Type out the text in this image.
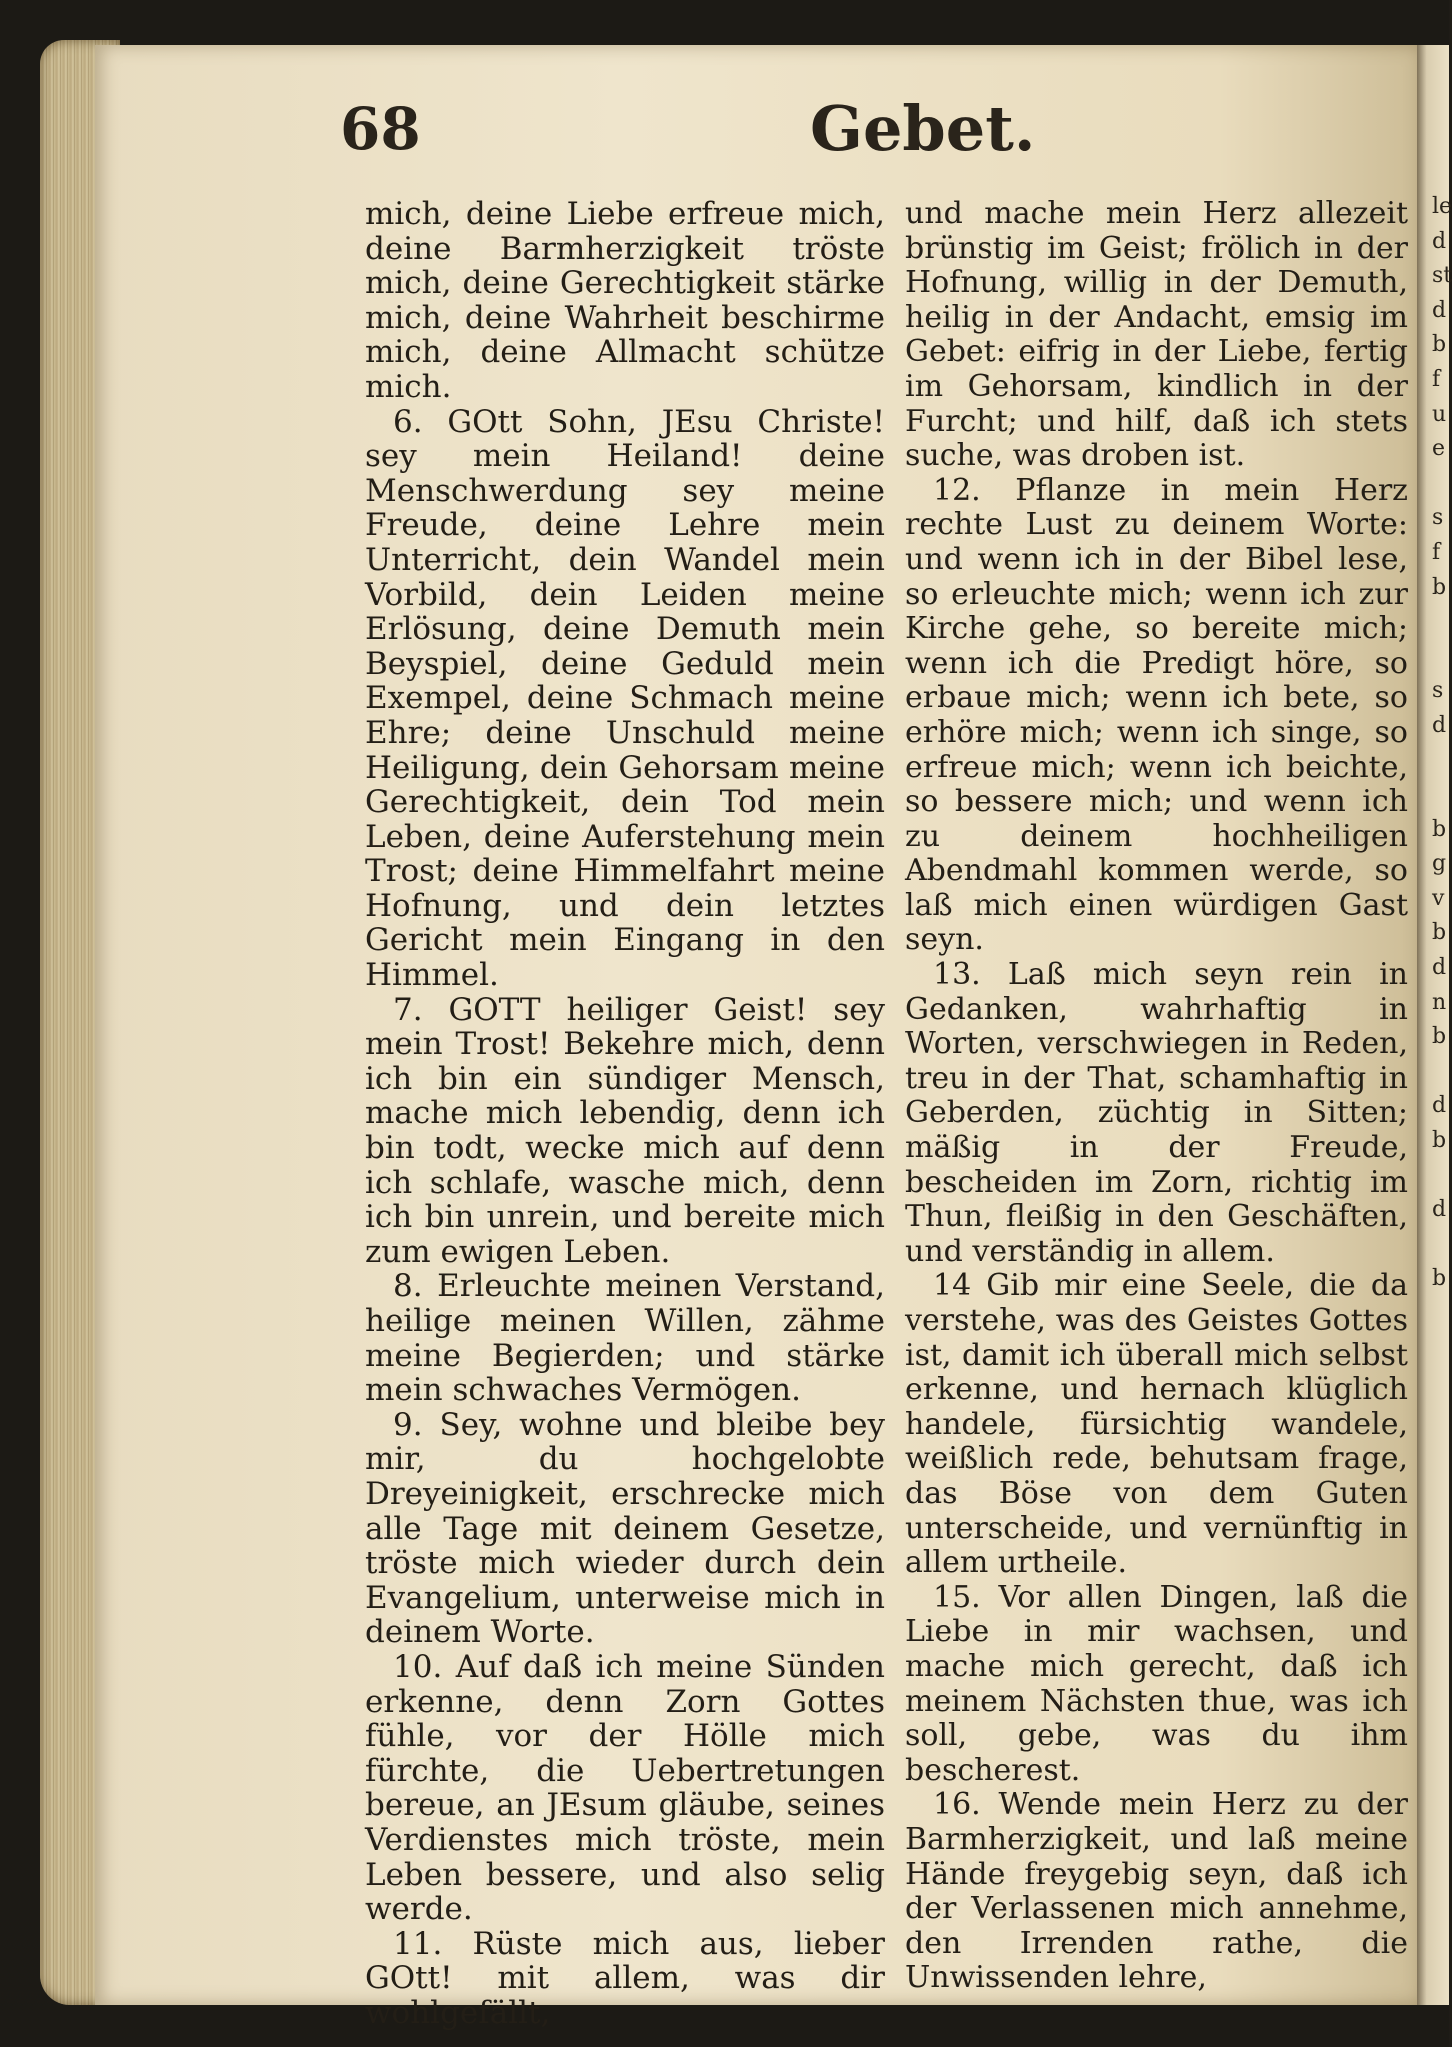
68	Gebet.

mich, deine Liebe erfreue mich, deine Barmherzigkeit tröste mich, deine Gerechtigkeit stärke mich, deine Wahrheit beschirme mich, deine Allmacht schütze mich.

6. GOtt Sohn, JEsu Christe! sey mein Heiland! deine Menschwerdung sey meine Freude, deine Lehre mein Unterricht, dein Wandel mein Vorbild, dein Leiden meine Erlösung, deine Demuth mein Beyspiel, deine Geduld mein Exempel, deine Schmach meine Ehre; deine Unschuld meine Heiligung, dein Gehorsam meine Gerechtigkeit, dein Tod mein Leben, deine Auferstehung mein Trost; deine Himmelfahrt meine Hofnung, und dein letztes Gericht mein Eingang in den Himmel.

7. GOTT heiliger Geist! sey mein Trost! Bekehre mich, denn ich bin ein sündiger Mensch, mache mich lebendig, denn ich bin todt, wecke mich auf denn ich schlafe, wasche mich, denn ich bin unrein, und bereite mich zum ewigen Leben.

8. Erleuchte meinen Verstand, heilige meinen Willen, zähme meine Begierden; und stärke mein schwaches Vermögen.

9. Sey, wohne und bleibe bey mir, du hochgelobte Dreyeinigkeit, erschrecke mich alle Tage mit deinem Gesetze, tröste mich wieder durch dein Evangelium, unterweise mich in deinem Worte.

10. Auf daß ich meine Sünden erkenne, denn Zorn Gottes fühle, vor der Hölle mich fürchte, die Uebertretungen bereue, an JEsum gläube, seines Verdienstes mich tröste, mein Leben bessere, und also selig werde.

11. Rüste mich aus, lieber GOtt! mit allem, was dir wohlgefällt,

und mache mein Herz allezeit brünstig im Geist; frölich in der Hofnung, willig in der Demuth, heilig in der Andacht, emsig im Gebet: eifrig in der Liebe, fertig im Gehorsam, kindlich in der Furcht; und hilf, daß ich stets suche, was droben ist.

12. Pflanze in mein Herz rechte Lust zu deinem Worte: und wenn ich in der Bibel lese, so erleuchte mich; wenn ich zur Kirche gehe, so bereite mich; wenn ich die Predigt höre, so erbaue mich; wenn ich bete, so erhöre mich; wenn ich singe, so erfreue mich; wenn ich beichte, so bessere mich; und wenn ich zu deinem hochheiligen Abendmahl kommen werde, so laß mich einen würdigen Gast seyn.

13. Laß mich seyn rein in Gedanken, wahrhaftig in Worten, verschwiegen in Reden, treu in der That, schamhaftig in Geberden, züchtig in Sitten; mäßig in der Freude, bescheiden im Zorn, richtig im Thun, fleißig in den Geschäften, und verständig in allem.

14 Gib mir eine Seele, die da verstehe, was des Geistes Gottes ist, damit ich überall mich selbst erkenne, und hernach klüglich handele, fürsichtig wandele, weißlich rede, behutsam frage, das Böse von dem Guten unterscheide, und vernünftig in allem urtheile.

15. Vor allen Dingen, laß die Liebe in mir wachsen, und mache mich gerecht, daß ich meinem Nächsten thue, was ich soll, gebe, was du ihm bescherest.

16. Wende mein Herz zu der Barmherzigkeit, und laß meine Hände freygebig seyn, daß ich der Verlassenen mich annehme, den Irrenden rathe, die Unwissenden lehre,

le
d
st
d
b
f
u
e

s
f
b

s
d

b
g
v
b
d
n
b

d
b

d

b
